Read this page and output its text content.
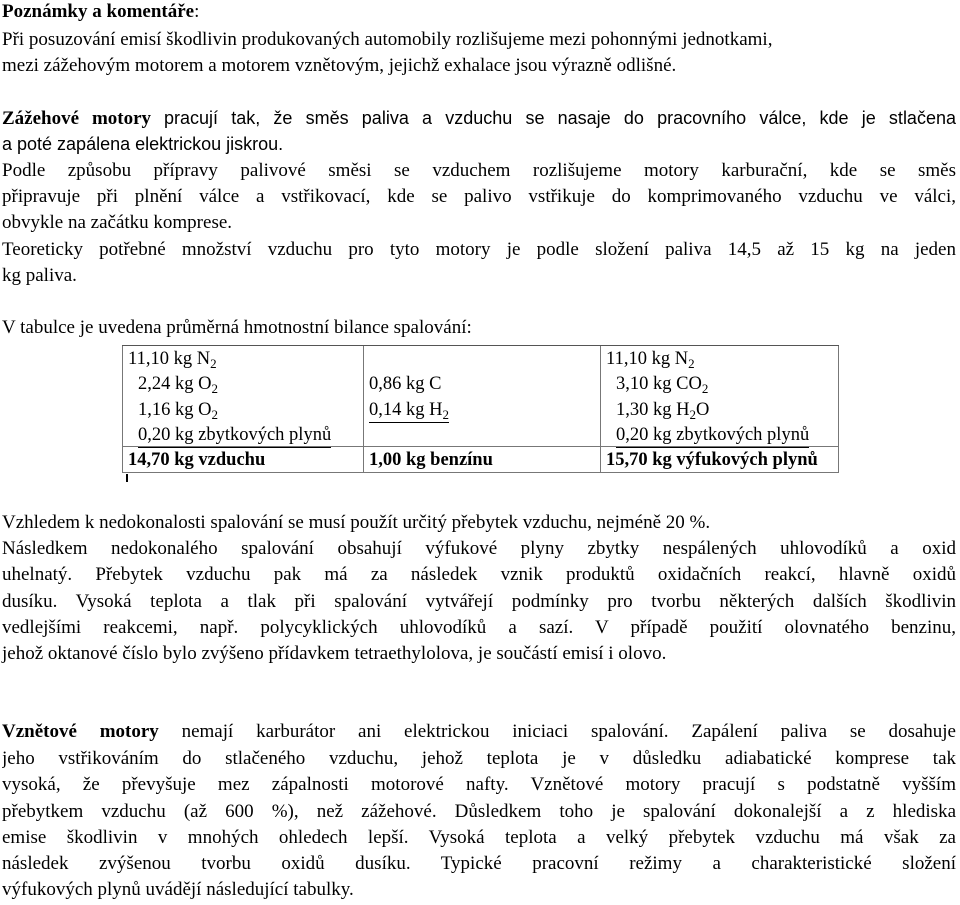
Poznámky a komentáře:
Při posuzování emisí škodlivin produkovaných automobily rozlišujeme mezi pohonnými jednotkami,
mezi zážehovým motorem a motorem vznětovým, jejichž exhalace jsou výrazně odlišné.
Zážehové motory pracují tak, že směs paliva a vzduchu se nasaje do pracovního válce, kde je stlačena
a poté zapálena elektrickou jiskrou.
Podle způsobu přípravy palivové směsi se vzduchem rozlišujeme motory karburační, kde se směs
připravuje při plnění válce a vstřikovací, kde se palivo vstřikuje do komprimovaného vzduchu ve válci,
obvykle na začátku komprese.
Teoreticky potřebné množství vzduchu pro tyto motory je podle složení paliva 14,5 až 15 kg na jeden
kg paliva.
V tabulce je uvedena průměrná hmotnostní bilance spalování:
11,10 kg $N_2$
2,24 kg $O_2$
1,16 kg $O_2$
0,20 kg zbytkových plynů
14,70 kg vzduchu
0,86 kg C
0,14 kg $H_2$
1,00 kg benzínu
11,10 kg $N_2$
3,10 kg $CO_2$
1,30 kg $H_2O$
0,20 kg zbytkových plynů
15,70 kg výfukových plynů
Vzhledem k nedokonalosti spalování se musí použít určitý přebytek vzduchu, nejméně 20 %.
Následkem nedokonalého spalování obsahují výfukové plyny zbytky nespálených uhlovodíků a oxid
uhelnatý. Přebytek vzduchu pak má za následek vznik produktů oxidačních reakcí, hlavně oxidů
dusíku. Vysoká teplota a tlak při spalování vytvářejí podmínky pro tvorbu některých dalších škodlivin
vedlejšími reakcemi, např. polycyklických uhlovodíků a sazí. V případě použití olovnatého benzinu,
jehož oktanové číslo bylo zvýšeno přídavkem tetraethylolova, je součástí emisí i olovo.
Vznětové motory nemají karburátor ani elektrickou iniciaci spalování. Zapálení paliva se dosahuje
jeho vstřikováním do stlačeného vzduchu, jehož teplota je v důsledku adiabatické komprese tak
vysoká, že převyšuje mez zápalnosti motorové nafty. Vznětové motory pracují s podstatně vyšším
přebytkem vzduchu (až 600 %), než zážehové. Důsledkem toho je spalování dokonalejší a z hlediska
emise škodlivin v mnohých ohledech lepší. Vysoká teplota a velký přebytek vzduchu má však za
následek zvýšenou tvorbu oxidů dusíku. Typické pracovní režimy a charakteristické složení
výfukových plynů uvádějí následující tabulky.
